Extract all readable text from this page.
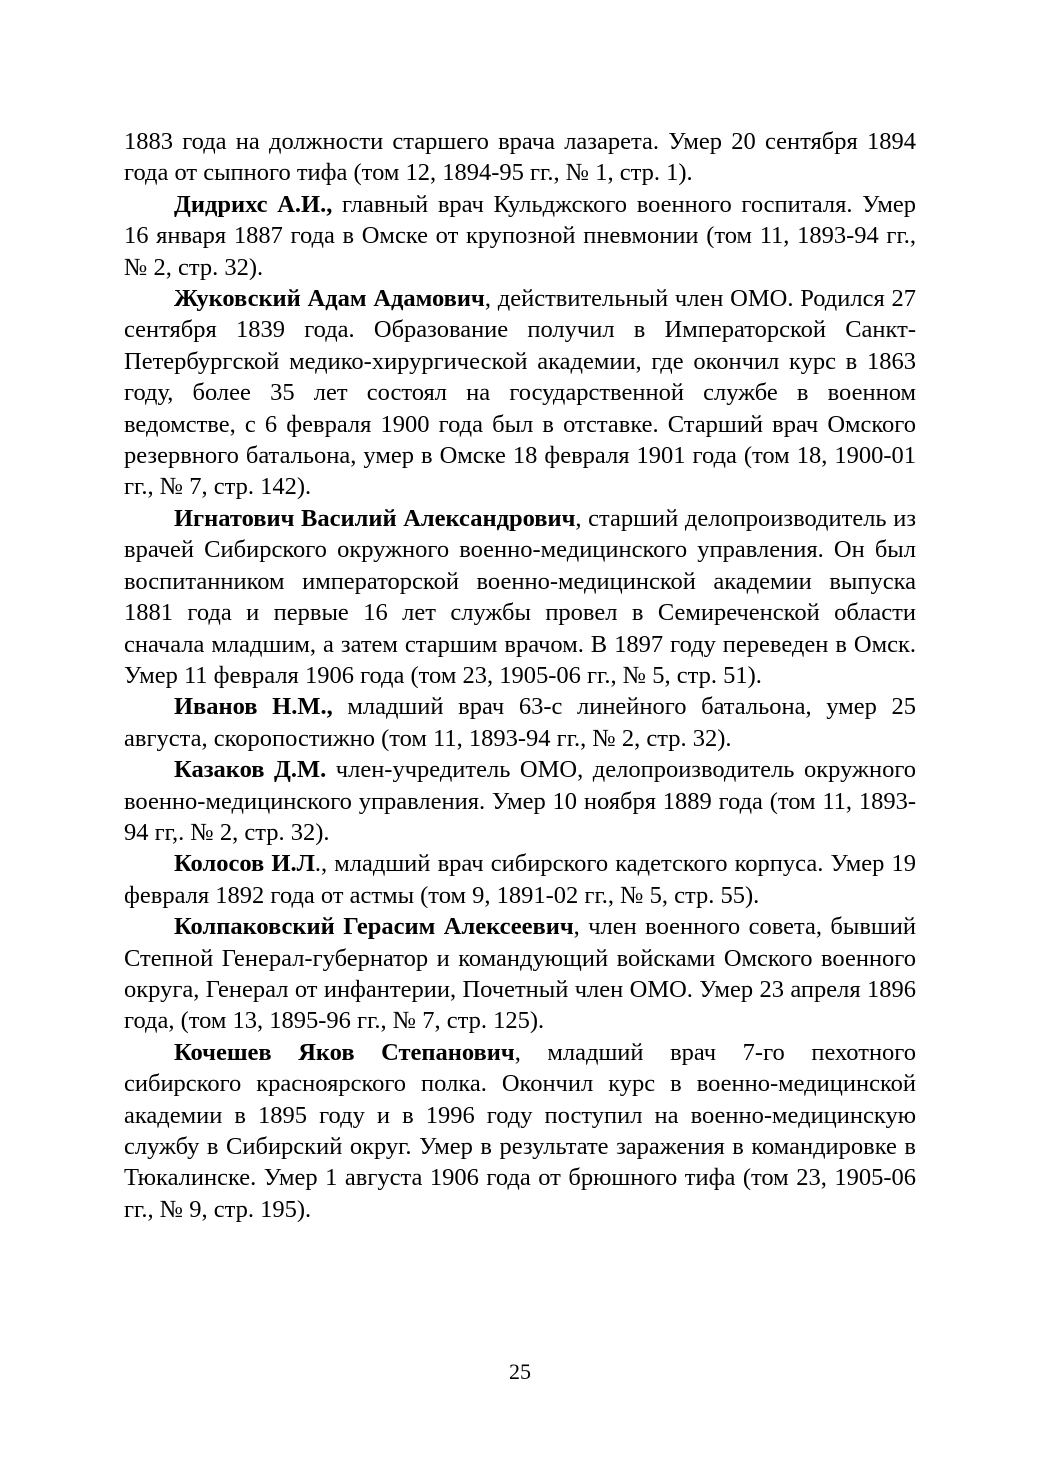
1883 года на должности старшего врача лазарета. Умер 20 сентября 1894 года от сыпного тифа (том 12, 1894-95 гг., № 1, стр. 1).

Дидрихс А.И., главный врач Кульджского военного госпиталя. Умер 16 января 1887 года в Омске от крупозной пневмонии (том 11, 1893-94 гг., № 2, стр. 32).

Жуковский Адам Адамович, действительный член ОМО. Родился 27 сентября 1839 года. Образование получил в Императорской Санкт-Петербургской медико-хирургической академии, где окончил курс в 1863 году, более 35 лет состоял на государственной службе в военном ведомстве, с 6 февраля 1900 года был в отставке. Старший врач Омского резервного батальона, умер в Омске 18 февраля 1901 года (том 18, 1900-01 гг., № 7, стр. 142).

Игнатович Василий Александрович, старший делопроизводитель из врачей Сибирского окружного военно-медицинского управления. Он был воспитанником императорской военно-медицинской академии выпуска 1881 года и первые 16 лет службы провел в Семиреченской области сначала младшим, а затем старшим врачом. В 1897 году переведен в Омск. Умер 11 февраля 1906 года (том 23, 1905-06 гг., № 5, стр. 51).

Иванов Н.М., младший врач 63-с линейного батальона, умер 25 августа, скоропостижно (том 11, 1893-94 гг., № 2, стр. 32).

Казаков Д.М. член-учредитель ОМО, делопроизводитель окружного военно-медицинского управления. Умер 10 ноября 1889 года (том 11, 1893-94 гг,. № 2, стр. 32).

Колосов И.Л., младший врач сибирского кадетского корпуса. Умер 19 февраля 1892 года от астмы (том 9, 1891-02 гг., № 5, стр. 55).

Колпаковский Герасим Алексеевич, член военного совета, бывший Степной Генерал-губернатор и командующий войсками Омского военного округа, Генерал от инфантерии, Почетный член ОМО. Умер 23 апреля 1896 года, (том 13, 1895-96 гг., № 7, стр. 125).

Кочешев Яков Степанович, младший врач 7-го пехотного сибирского красноярского полка. Окончил курс в военно-медицинской академии в 1895 году и в 1996 году поступил на военно-медицинскую службу в Сибирский округ. Умер в результате заражения в командировке в Тюкалинске. Умер 1 августа 1906 года от брюшного тифа (том 23, 1905-06 гг., № 9, стр. 195).

25
